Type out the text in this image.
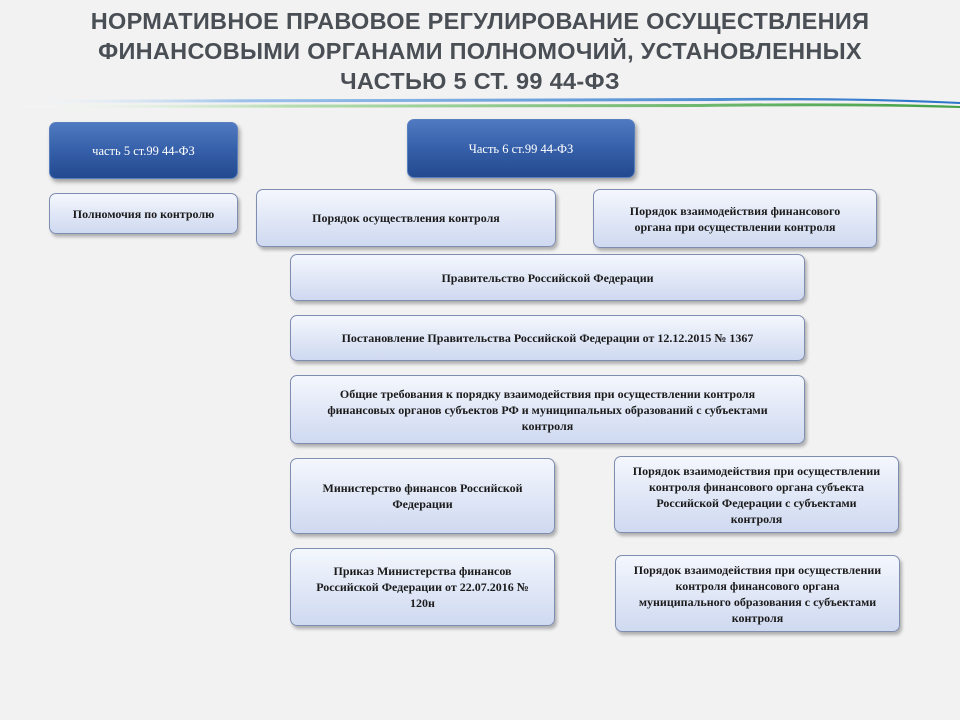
НОРМАТИВНОЕ ПРАВОВОЕ РЕГУЛИРОВАНИЕ ОСУЩЕСТВЛЕНИЯ
ФИНАНСОВЫМИ ОРГАНАМИ ПОЛНОМОЧИЙ, УСТАНОВЛЕННЫХ
ЧАСТЬЮ 5 СТ. 99 44-ФЗ
часть 5 ст.99 44-ФЗ	Часть 6 ст.99 44-ФЗ
Полномочия по контролю	Порядок осуществления контроля
Порядок взаимодействия финансового органа при осуществлении контроля
Правительство Российской Федерации
Постановление Правительства Российской Федерации от 12.12.2015 № 1367
Общие требования к порядку взаимодействия при осуществлении контроля финансовых органов субъектов РФ и муниципальных образований с субъектами контроля
Министерство финансов Российской Федерации
Порядок взаимодействия при осуществлении контроля финансового органа субъекта Российской Федерации с субъектами контроля
Приказ Министерства финансов Российской Федерации от 22.07.2016 № 120н
Порядок взаимодействия при осуществлении контроля финансового органа муниципального образования с субъектами контроля
